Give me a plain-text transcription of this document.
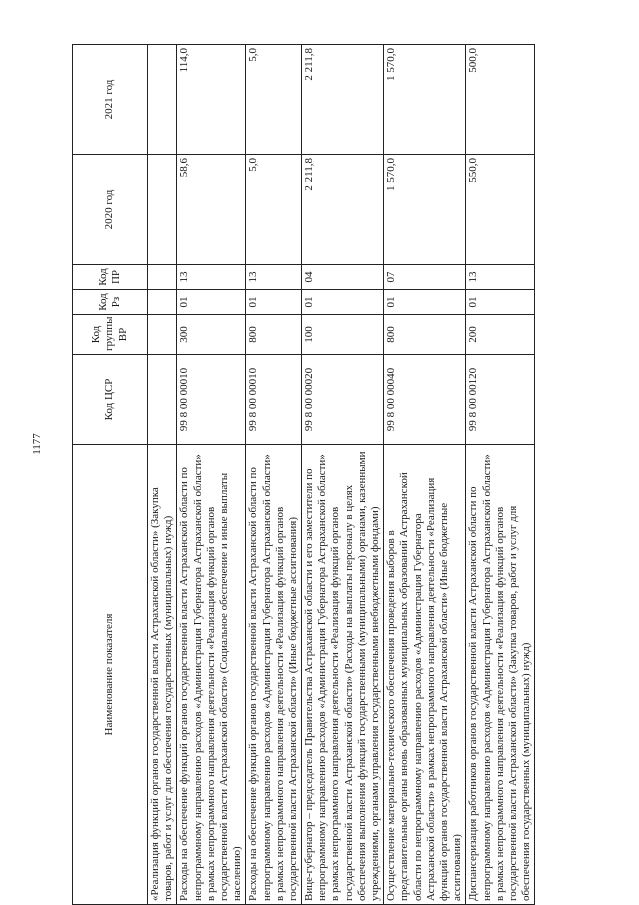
1177
Наименование показателя	Код ЦСР	Код группы ВР	Код Рз	Код ПР	2020 год	2021 год
«Реализация функций органов государственной власти Астраханской области» (Закупка товаров, работ и услуг для обеспечения государственных (муниципальных) нужд)						
Расходы на обеспечение функций органов государственной власти Астраханской области по непрограммному направлению расходов «Администрация Губернатора Астраханской области» в рамках непрограммного направления деятельности «Реализация функций органов государственной власти Астраханской области» (Социальное обеспечение и иные выплаты населению)	99 8 00 00010	300	01	13	58,6	114,0
Расходы на обеспечение функций органов государственной власти Астраханской области по непрограммному направлению расходов «Администрация Губернатора Астраханской области» в рамках непрограммного направления деятельности «Реализация функций органов государственной власти Астраханской области» (Иные бюджетные ассигнования)	99 8 00 00010	800	01	13	5,0	5,0
Вице-губернатор – председатель Правительства Астраханской области и его заместители по непрограммному направлению расходов «Администрация Губернатора Астраханской области» в рамках непрограммного направления деятельности «Реализация функций органов государственной власти Астраханской области» (Расходы на выплаты персоналу в целях обеспечения выполнения функций государственными (муниципальными) органами, казенными учреждениями, органами управления государственными внебюджетными фондами)	99 8 00 00020	100	01	04	2 211,8	2 211,8
Осуществление материально-технического обеспечения проведения выборов в представительные органы вновь образованных муниципальных образований Астраханской области по непрограммному направлению расходов «Администрация Губернатора Астраханской области» в рамках непрограммного направления деятельности «Реализация функций органов государственной власти Астраханской области» (Иные бюджетные ассигнования)	99 8 00 00040	800	01	07	1 570,0	1 570,0
Диспансеризация работников органов государственной власти Астраханской области по непрограммному направлению расходов «Администрация Губернатора Астраханской области» в рамках непрограммного направления деятельности «Реализация функций органов государственной власти Астраханской области» (Закупка товаров, работ и услуг для обеспечения государственных (муниципальных) нужд)	99 8 00 00120	200	01	13	550,0	500,0
